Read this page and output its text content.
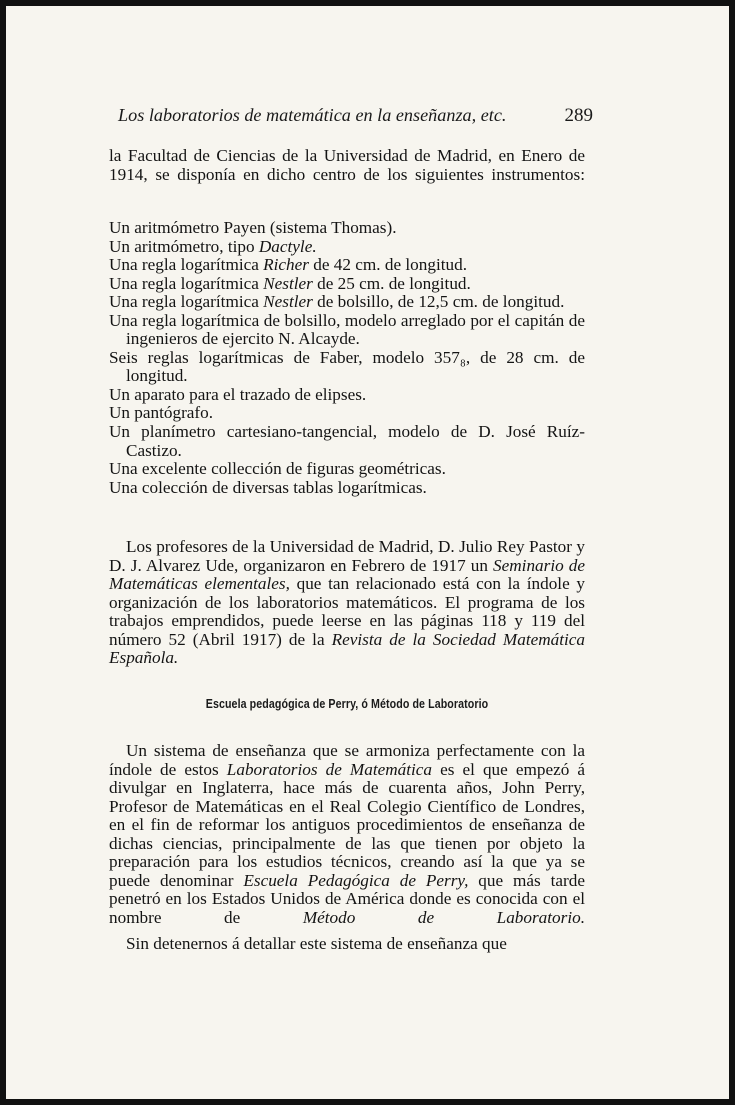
Los laboratorios de matemática en la enseñanza, etc.	289
la Facultad de Ciencias de la Universidad de Madrid, en Enero de 1914, se disponía en dicho centro de los siguientes instrumentos:

Un aritmómetro Payen (sistema Thomas).

Un aritmómetro, tipo Dactyle.

Una regla logarítmica Richer de 42 cm. de longitud.

Una regla logarítmica Nestler de 25 cm. de longitud.

Una regla logarítmica Nestler de bolsillo, de 12,5 cm. de longitud.

Una regla logarítmica de bolsillo, modelo arreglado por el capitán de ingenieros de ejercito N. Alcayde.

Seis reglas logarítmicas de Faber, modelo 357₈, de 28 cm. de longitud.

Un aparato para el trazado de elipses.

Un pantógrafo.

Un planímetro cartesiano-tangencial, modelo de D. José Ruíz-Castizo.

Una excelente collección de figuras geométricas.

Una colección de diversas tablas logarítmicas.

Los profesores de la Universidad de Madrid, D. Julio Rey Pastor y D. J. Alvarez Ude, organizaron en Febrero de 1917 un Seminario de Matemáticas elementales, que tan relacionado está con la índole y organización de los laboratorios matemáticos. El programa de los trabajos emprendidos, puede leerse en las páginas 118 y 119 del número 52 (Abril 1917) de la Revista de la Sociedad Matemática Española.
Escuela pedagógica de Perry, ó Método de Laboratorio
Un sistema de enseñanza que se armoniza perfectamente con la índole de estos Laboratorios de Matemática es el que empezó á divulgar en Inglaterra, hace más de cuarenta años, John Perry, Profesor de Matemáticas en el Real Colegio Científico de Londres, en el fin de reformar los antiguos procedimientos de enseñanza de dichas ciencias, principalmente de las que tienen por objeto la preparación para los estudios técnicos, creando así la que ya se puede denominar Escuela Pedagógica de Perry, que más tarde penetró en los Estados Unidos de América donde es conocida con el nombre de Método de Laboratorio.
Sin detenernos á detallar este sistema de enseñanza que
